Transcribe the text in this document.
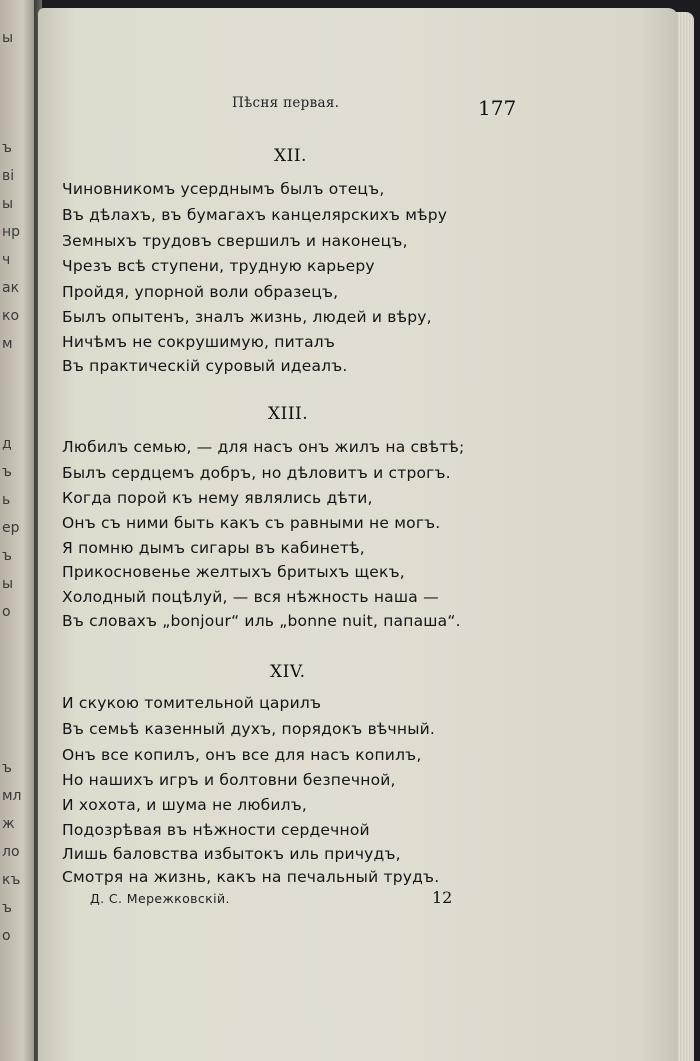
ы
ъ
ві
ы
нр
ч
ак
ко
м
д
ъ
ь
ер
ъ
ы
о
ъ
мл
ж
ло
къ
ъ
о
Пѣсня первая.	177
XII.
Чиновникомъ усерднымъ былъ отецъ,
Въ дѣлахъ, въ бумагахъ канцелярскихъ мѣру
Земныхъ трудовъ свершилъ и наконецъ,
Чрезъ всѣ ступени, трудную карьеру
Пройдя, упорной воли образецъ,
Былъ опытенъ, зналъ жизнь, людей и вѣру,
Ничѣмъ не сокрушимую, питалъ
Въ практическій суровый идеалъ.
XIII.
Любилъ семью, — для насъ онъ жилъ на свѣтѣ;
Былъ сердцемъ добръ, но дѣловитъ и строгъ.
Когда порой къ нему являлись дѣти,
Онъ съ ними быть какъ съ равными не могъ.
Я помню дымъ сигары въ кабинетѣ,
Прикосновенье желтыхъ бритыхъ щекъ,
Холодный поцѣлуй, — вся нѣжность наша —
Въ словахъ „bonjour“ иль „bonne nuit, папаша“.
XIV.
И скукою томительной царилъ
Въ семьѣ казенный духъ, порядокъ вѣчный.
Онъ все копилъ, онъ все для насъ копилъ,
Но нашихъ игръ и болтовни безпечной,
И хохота, и шума не любилъ,
Подозрѣвая въ нѣжности сердечной
Лишь баловства избытокъ иль причудъ,
Смотря на жизнь, какъ на печальный трудъ.
Д. С. Мережковскій.	12
